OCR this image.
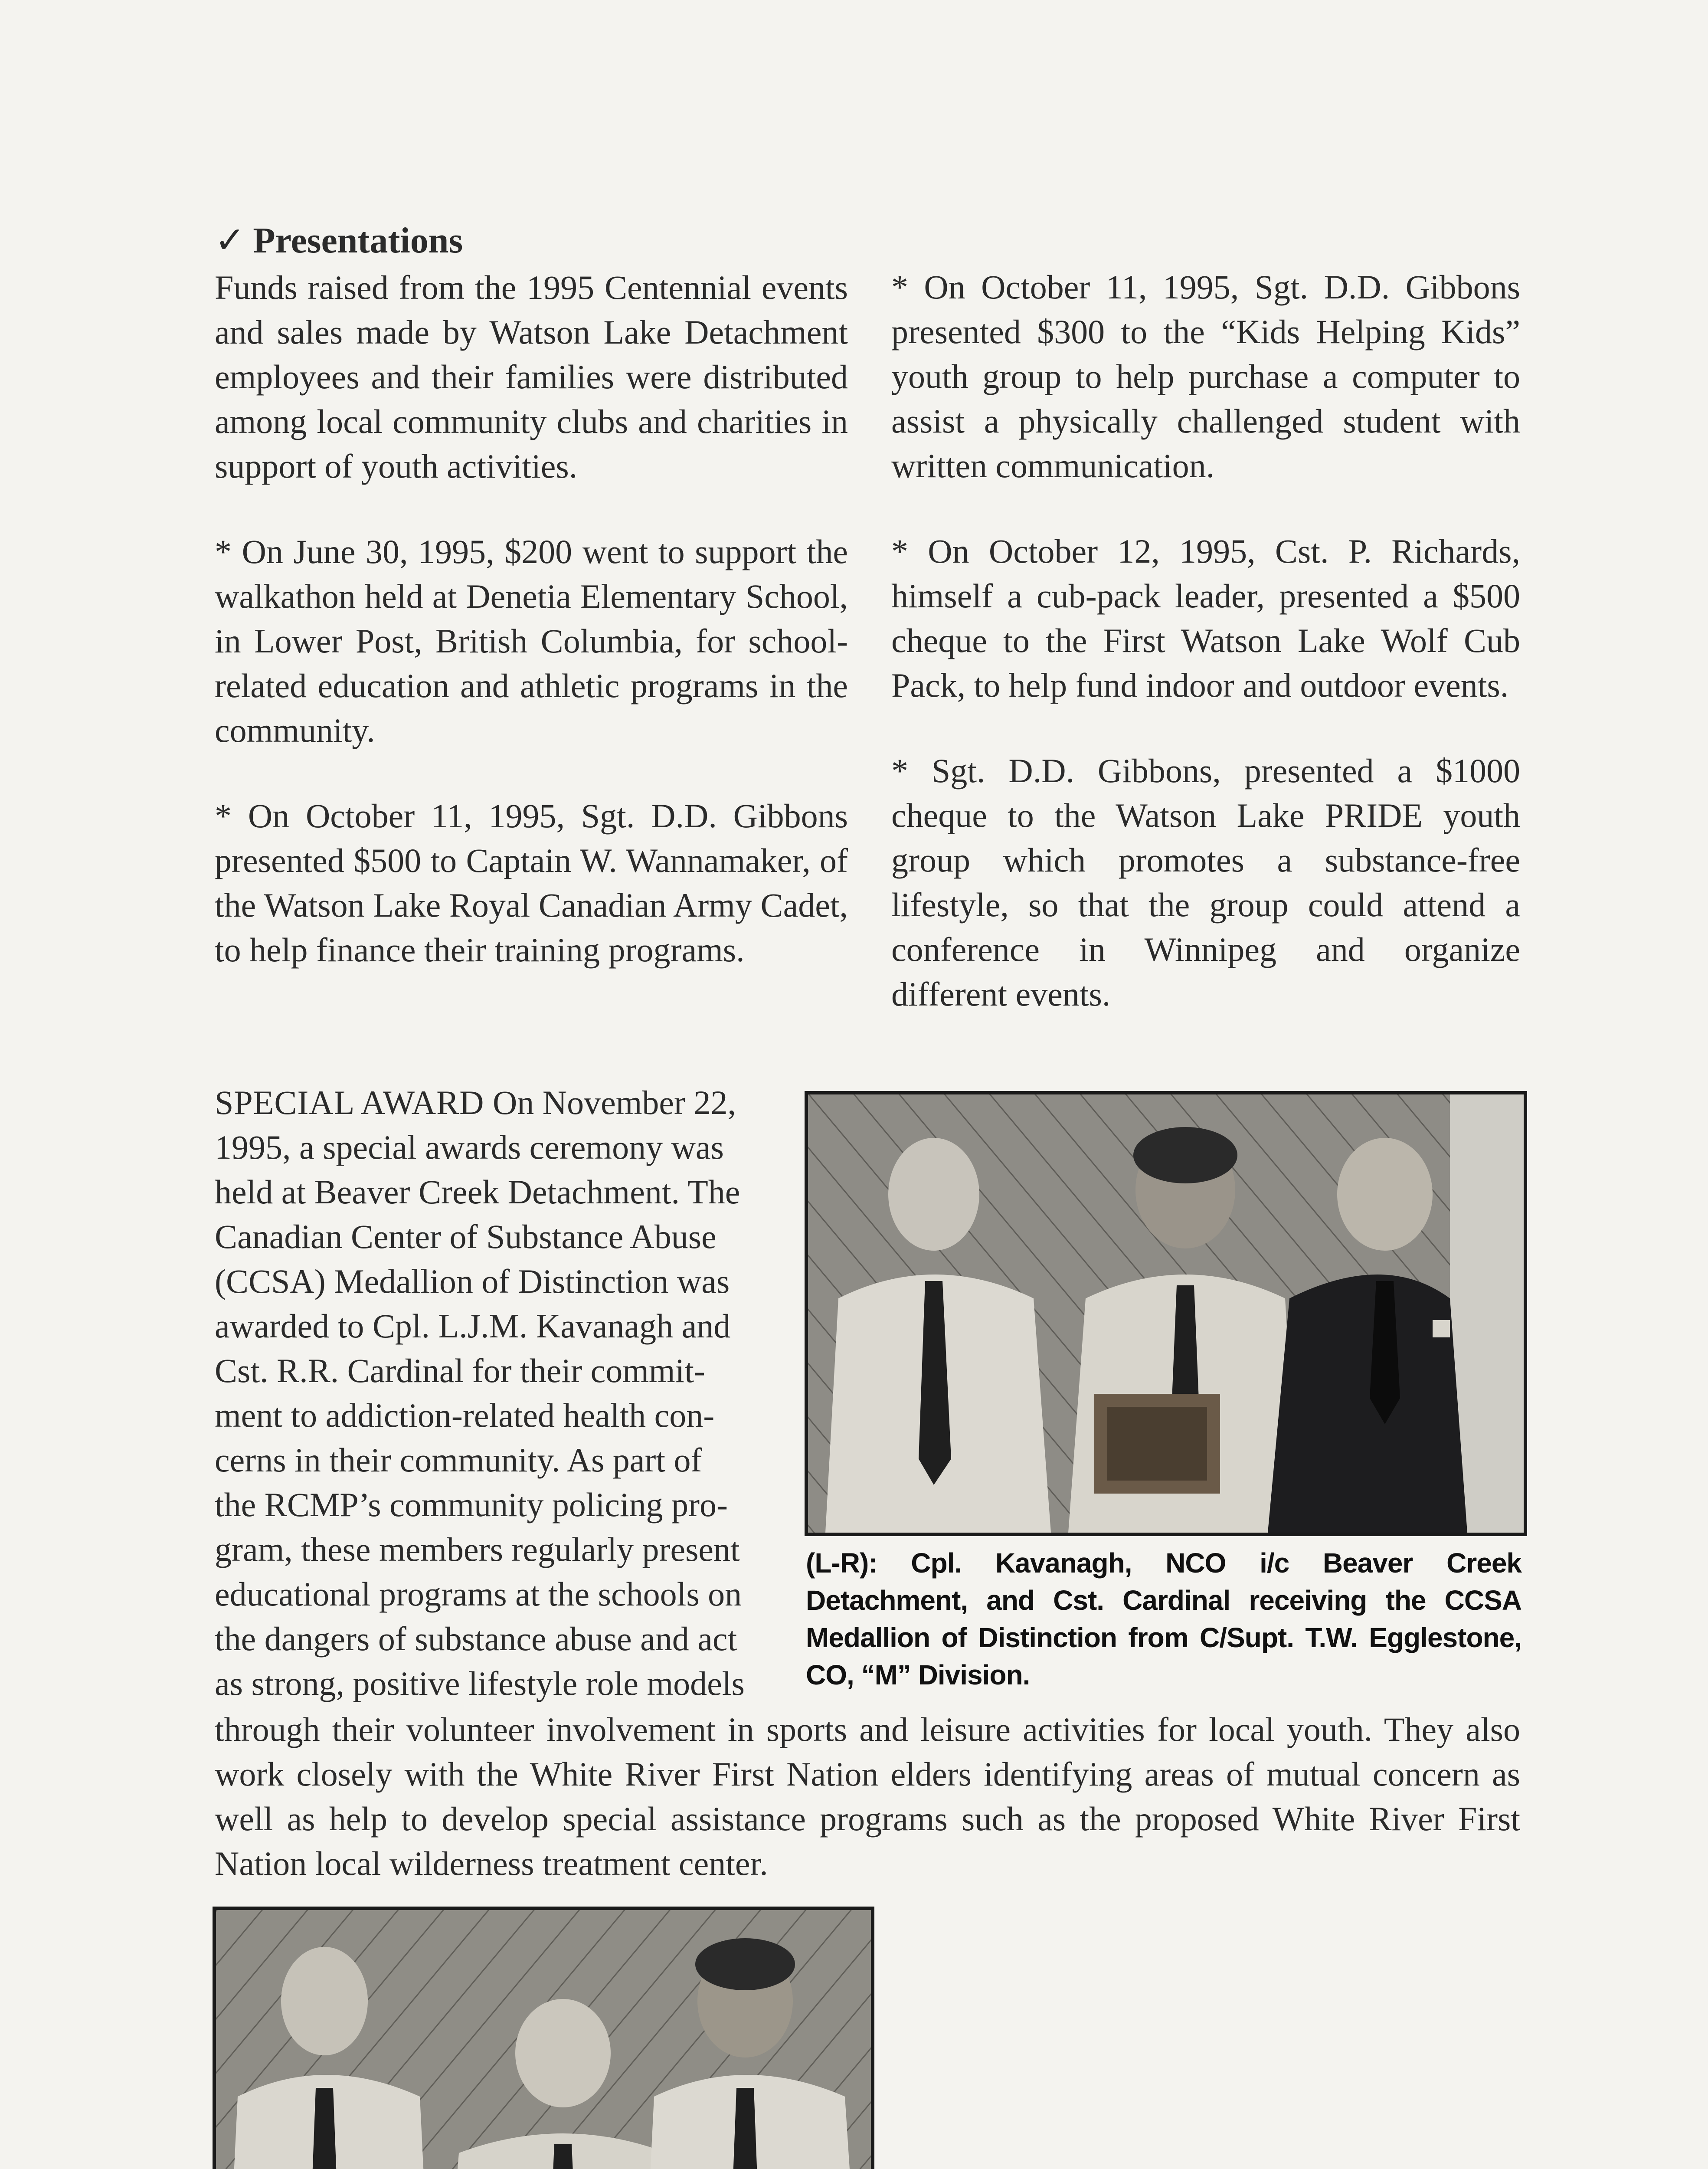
✓ Presentations

Funds raised from the 1995 Centennial events and sales made by Watson Lake Detachment employees and their families were distributed among local community clubs and charities in support of youth activities.

* On June 30, 1995, $200 went to support the walkathon held at Denetia Elementary School, in Lower Post, British Columbia, for school-related education and athletic programs in the community.

* On October 11, 1995, Sgt. D.D. Gibbons presented $500 to Captain W. Wannamaker, of the Watson Lake Royal Canadian Army Cadet, to help finance their training programs.

* On October 11, 1995, Sgt. D.D. Gibbons presented $300 to the “Kids Helping Kids” youth group to help purchase a computer to assist a physically challenged student with written communication.

* On October 12, 1995, Cst. P. Richards, himself a cub-pack leader, presented a $500 cheque to the First Watson Lake Wolf Cub Pack, to help fund indoor and outdoor events.

* Sgt. D.D. Gibbons, presented a $1000 cheque to the Watson Lake PRIDE youth group which promotes a substance-free lifestyle, so that the group could attend a conference in Winnipeg and organize different events.

SPECIAL AWARD On November 22,
1995, a special awards ceremony was
held at Beaver Creek Detachment. The
Canadian Center of Substance Abuse
(CCSA) Medallion of Distinction was
awarded to Cpl. L.J.M. Kavanagh and
Cst. R.R. Cardinal for their commit-
ment to addiction-related health con-
cerns in their community. As part of
the RCMP’s community policing pro-
gram, these members regularly present
educational programs at the schools on
the dangers of substance abuse and act
as strong, positive lifestyle role models

through their volunteer involvement in sports and leisure activities for local youth. They also work closely with the White River First Nation elders identifying areas of mutual concern as well as help to develop special assistance programs such as the proposed White River First Nation local wilderness treatment center.

(L-R): Cpl. Kavanagh, NCO i/c Beaver Creek Detachment, and Cst. Cardinal receiving the CCSA Medallion of Distinction from C/Supt. T.W. Egglestone, CO, “M” Division.
